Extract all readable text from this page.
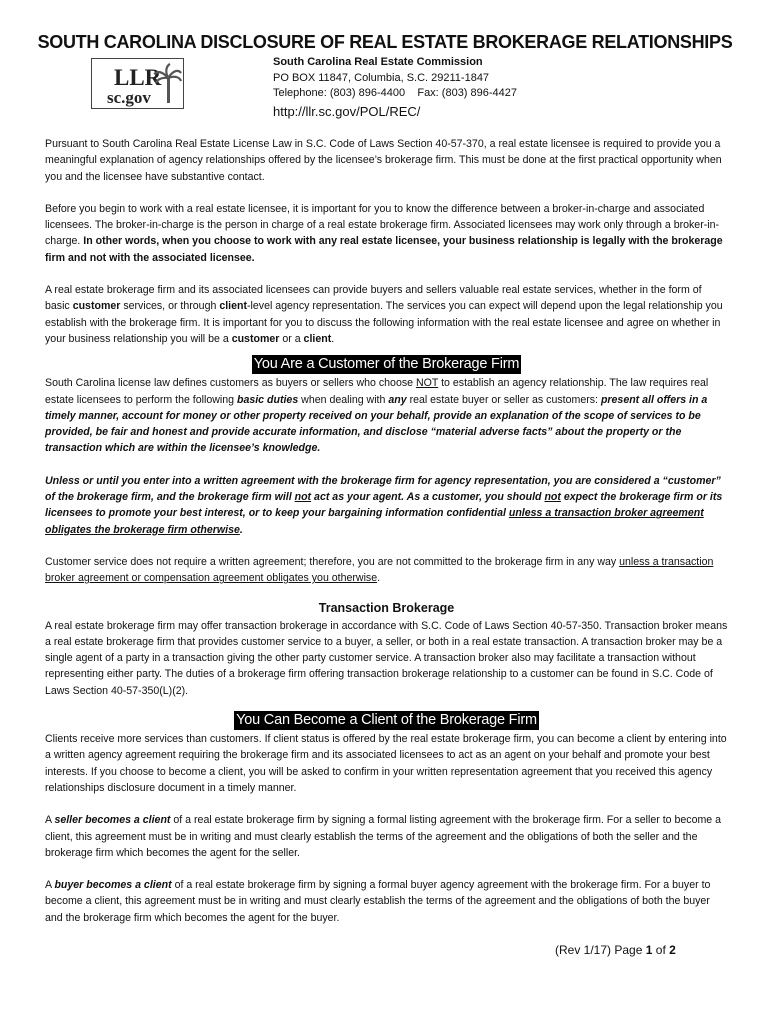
SOUTH CAROLINA DISCLOSURE OF REAL ESTATE BROKERAGE RELATIONSHIPS
LLR
sc.gov
South Carolina Real Estate Commission
PO BOX 11847, Columbia, S.C. 29211-1847
Telephone: (803) 896-4400 Fax: (803) 896-4427
http://llr.sc.gov/POL/REC/

Pursuant to South Carolina Real Estate License Law in S.C. Code of Laws Section 40-57-370, a real estate licensee is required to provide you a meaningful explanation of agency relationships offered by the licensee’s brokerage firm. This must be done at the first practical opportunity when you and the licensee have substantive contact.

Before you begin to work with a real estate licensee, it is important for you to know the difference between a broker-in-charge and associated licensees. The broker-in-charge is the person in charge of a real estate brokerage firm. Associated licensees may work only through a broker-in-charge. In other words, when you choose to work with any real estate licensee, your business relationship is legally with the brokerage firm and not with the associated licensee.

A real estate brokerage firm and its associated licensees can provide buyers and sellers valuable real estate services, whether in the form of basic customer services, or through client-level agency representation. The services you can expect will depend upon the legal relationship you establish with the brokerage firm. It is important for you to discuss the following information with the real estate licensee and agree on whether in your business relationship you will be a customer or a client.

You Are a Customer of the Brokerage Firm

South Carolina license law defines customers as buyers or sellers who choose NOT to establish an agency relationship. The law requires real estate licensees to perform the following basic duties when dealing with any real estate buyer or seller as customers: present all offers in a timely manner, account for money or other property received on your behalf, provide an explanation of the scope of services to be provided, be fair and honest and provide accurate information, and disclose “material adverse facts” about the property or the transaction which are within the licensee’s knowledge.

Unless or until you enter into a written agreement with the brokerage firm for agency representation, you are considered a “customer” of the brokerage firm, and the brokerage firm will not act as your agent. As a customer, you should not expect the brokerage firm or its licensees to promote your best interest, or to keep your bargaining information confidential unless a transaction broker agreement obligates the brokerage firm otherwise.

Customer service does not require a written agreement; therefore, you are not committed to the brokerage firm in any way unless a transaction broker agreement or compensation agreement obligates you otherwise.

Transaction Brokerage

A real estate brokerage firm may offer transaction brokerage in accordance with S.C. Code of Laws Section 40-57-350. Transaction broker means a real estate brokerage firm that provides customer service to a buyer, a seller, or both in a real estate transaction. A transaction broker may be a single agent of a party in a transaction giving the other party customer service. A transaction broker also may facilitate a transaction without representing either party. The duties of a brokerage firm offering transaction brokerage relationship to a customer can be found in S.C. Code of Laws Section 40-57-350(L)(2).

You Can Become a Client of the Brokerage Firm

Clients receive more services than customers. If client status is offered by the real estate brokerage firm, you can become a client by entering into a written agency agreement requiring the brokerage firm and its associated licensees to act as an agent on your behalf and promote your best interests. If you choose to become a client, you will be asked to confirm in your written representation agreement that you received this agency relationships disclosure document in a timely manner.

A seller becomes a client of a real estate brokerage firm by signing a formal listing agreement with the brokerage firm. For a seller to become a client, this agreement must be in writing and must clearly establish the terms of the agreement and the obligations of both the seller and the brokerage firm which becomes the agent for the seller.

A buyer becomes a client of a real estate brokerage firm by signing a formal buyer agency agreement with the brokerage firm. For a buyer to become a client, this agreement must be in writing and must clearly establish the terms of the agreement and the obligations of both the buyer and the brokerage firm which becomes the agent for the buyer.

(Rev 1/17) Page 1 of 2
